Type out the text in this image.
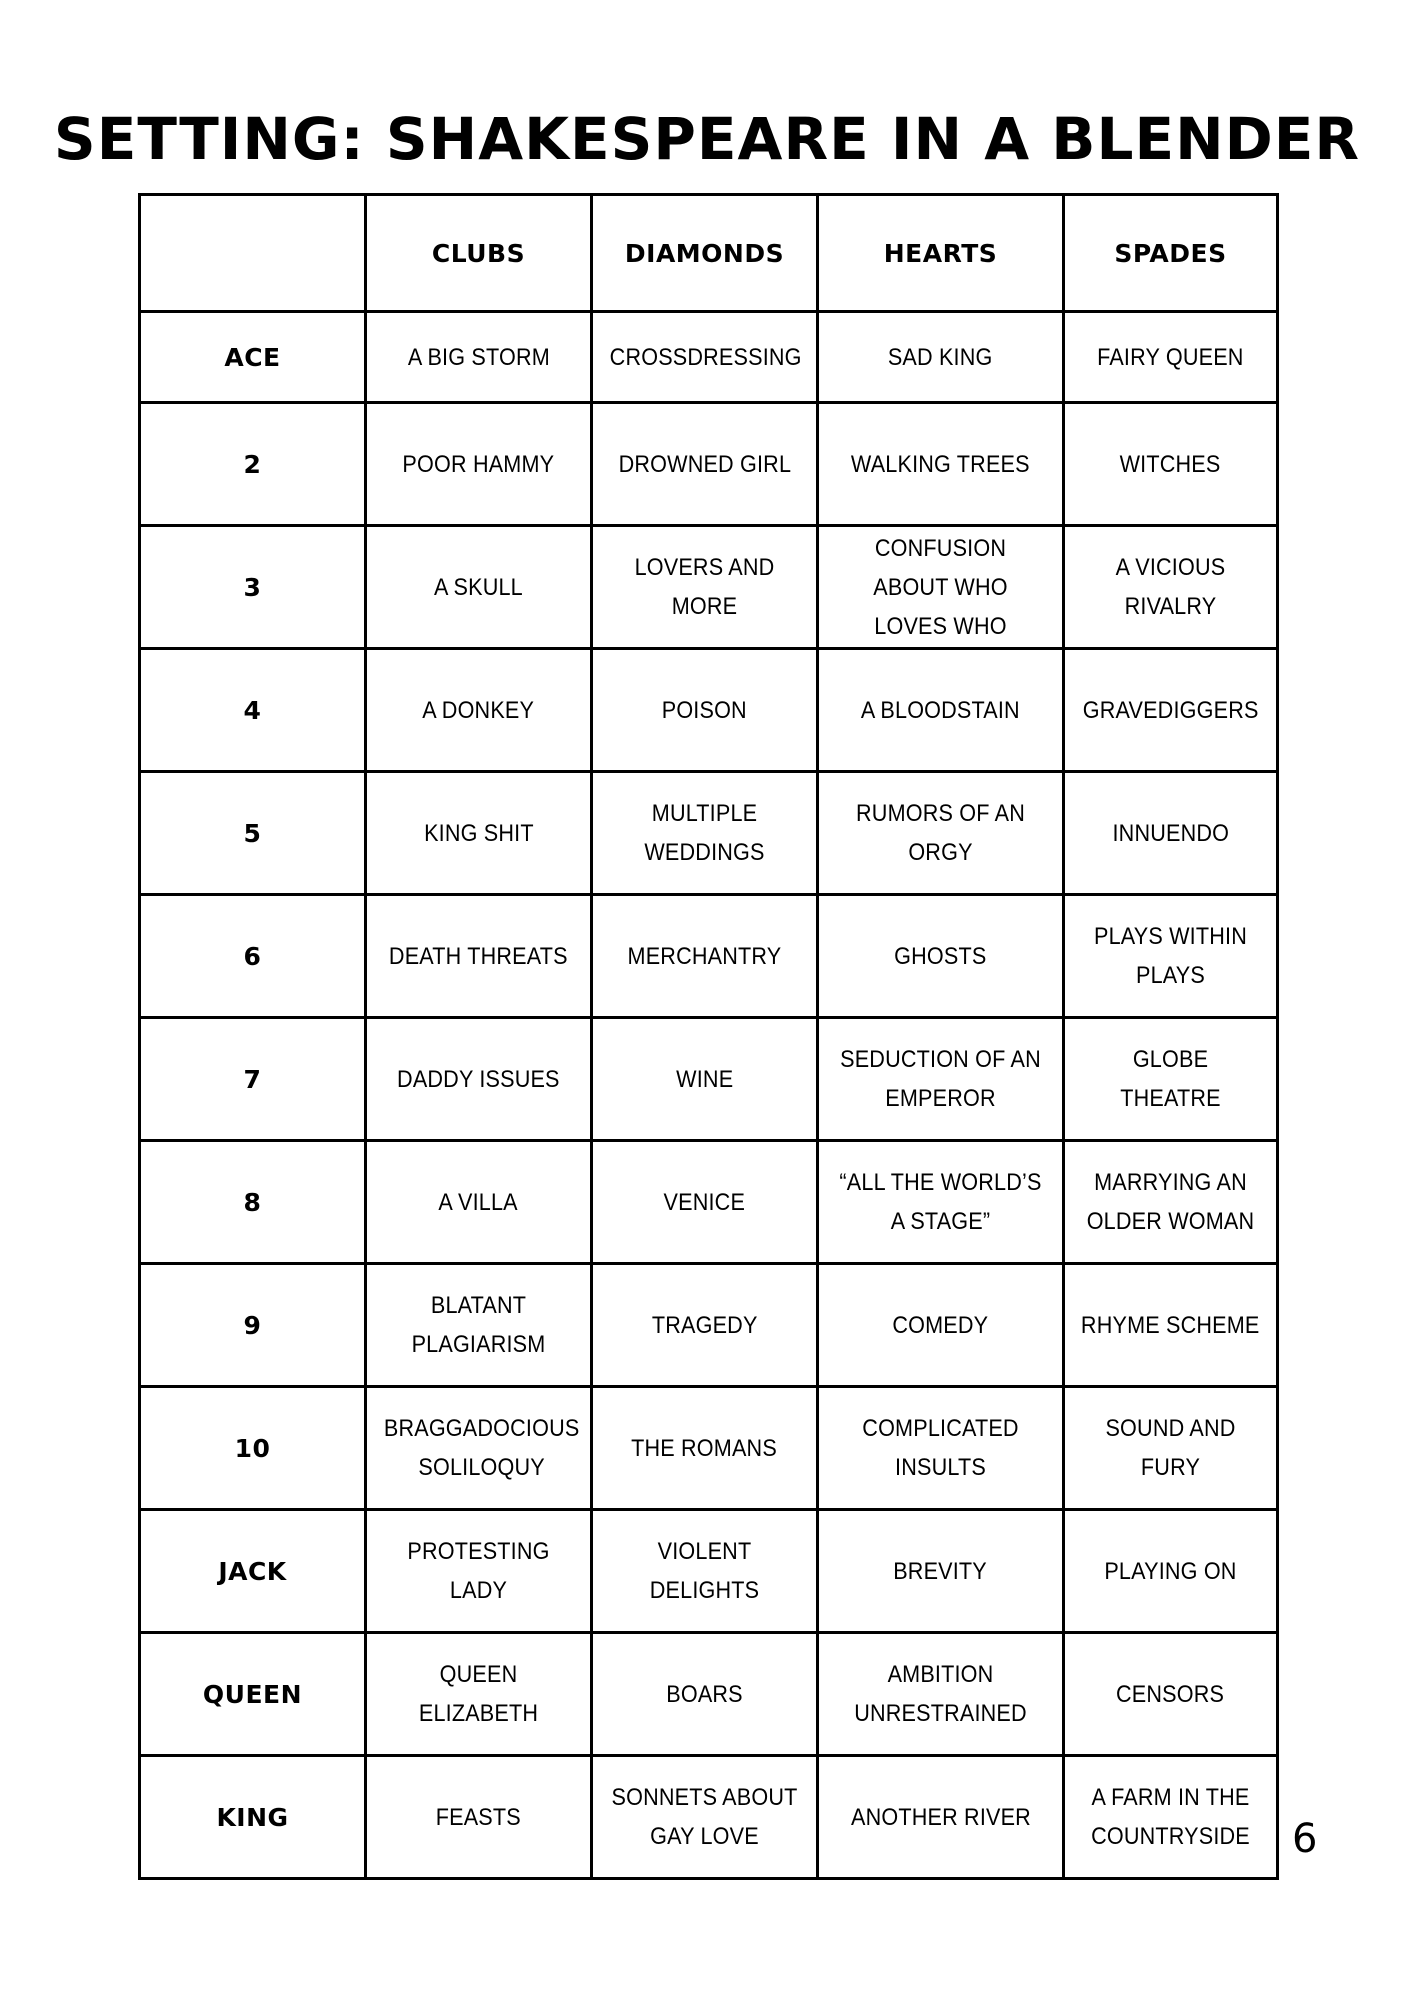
SETTING: SHAKESPEARE IN A BLENDER
	CLUBS	DIAMONDS	HEARTS	SPADES
ACE	A BIG STORM	CROSSDRESSING	SAD KING	FAIRY QUEEN
2	POOR HAMMY	DROWNED GIRL	WALKING TREES	WITCHES
3	A SKULL	LOVERS AND MORE	CONFUSION ABOUT WHO LOVES WHO	A VICIOUS RIVALRY
4	A DONKEY	POISON	A BLOODSTAIN	GRAVEDIGGERS
5	KING SHIT	MULTIPLE WEDDINGS	RUMORS OF AN ORGY	INNUENDO
6	DEATH THREATS	MERCHANTRY	GHOSTS	PLAYS WITHIN PLAYS
7	DADDY ISSUES	WINE	SEDUCTION OF AN EMPEROR	GLOBE THEATRE
8	A VILLA	VENICE	“ALL THE WORLD’S A STAGE”	MARRYING AN OLDER WOMAN
9	BLATANT PLAGIARISM	TRAGEDY	COMEDY	RHYME SCHEME
10	BRAGGADOCIOUS SOLILOQUY	THE ROMANS	COMPLICATED INSULTS	SOUND AND FURY
JACK	PROTESTING LADY	VIOLENT DELIGHTS	BREVITY	PLAYING ON
QUEEN	QUEEN ELIZABETH	BOARS	AMBITION UNRESTRAINED	CENSORS
KING	FEASTS	SONNETS ABOUT GAY LOVE	ANOTHER RIVER	A FARM IN THE COUNTRYSIDE 6
